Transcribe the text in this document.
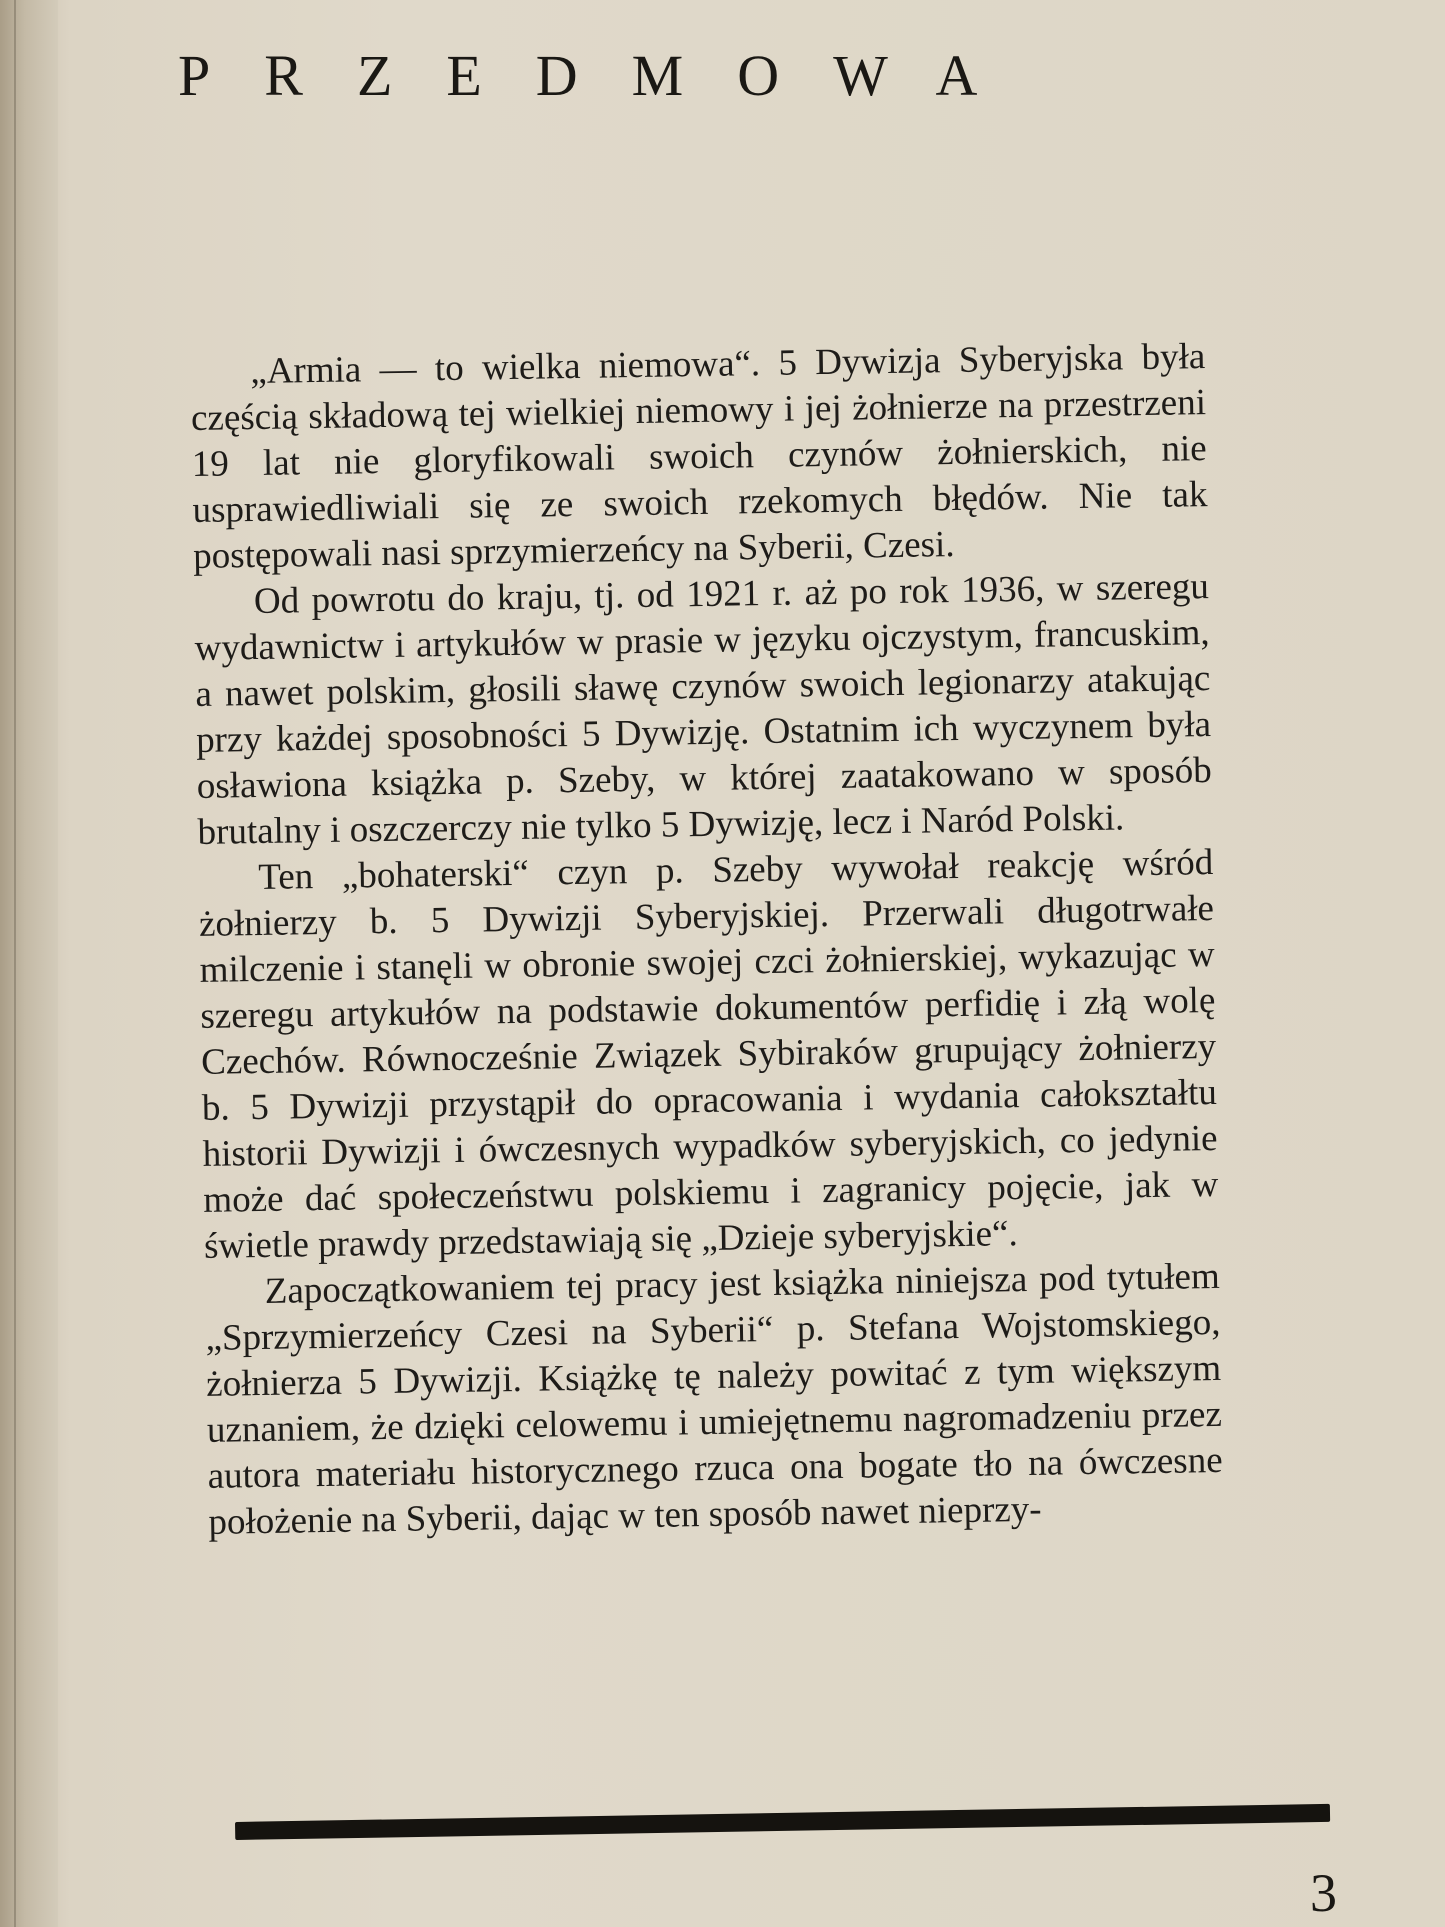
PRZEDMOWA

„Armia — to wielka niemowa“. 5 Dywizja Syberyjska była częścią składową tej wielkiej niemowy i jej żołnierze na przestrzeni 19 lat nie gloryfikowali swoich czynów żołnierskich, nie usprawiedliwiali się ze swoich rzekomych błędów. Nie tak postępowali nasi sprzymierzeńcy na Syberii, Czesi.

Od powrotu do kraju, tj. od 1921 r. aż po rok 1936, w szeregu wydawnictw i artykułów w prasie w języku ojczystym, francuskim, a nawet polskim, głosili sławę czynów swoich legionarzy atakując przy każdej sposobności 5 Dywizję. Ostatnim ich wyczynem była osławiona książka p. Szeby, w której zaatakowano w sposób brutalny i oszczerczy nie tylko 5 Dywizję, lecz i Naród Polski.

Ten „bohaterski“ czyn p. Szeby wywołał reakcję wśród żołnierzy b. 5 Dywizji Syberyjskiej. Przerwali długotrwałe milczenie i stanęli w obronie swojej czci żołnierskiej, wykazując w szeregu artykułów na podstawie dokumentów perfidię i złą wolę Czechów. Równocześnie Związek Sybiraków grupujący żołnierzy b. 5 Dywizji przystąpił do opracowania i wydania całokształtu historii Dywizji i ówczesnych wypadków syberyjskich, co jedynie może dać społeczeństwu polskiemu i zagranicy pojęcie, jak w świetle prawdy przedstawiają się „Dzieje syberyjskie“.

Zapoczątkowaniem tej pracy jest książka niniejsza pod tytułem „Sprzymierzeńcy Czesi na Syberii“ p. Stefana Wojstomskiego, żołnierza 5 Dywizji. Książkę tę należy powitać z tym większym uznaniem, że dzięki celowemu i umiejętnemu nagromadzeniu przez autora materiału historycznego rzuca ona bogate tło na ówczesne położenie na Syberii, dając w ten sposób nawet nieprzy-

3
